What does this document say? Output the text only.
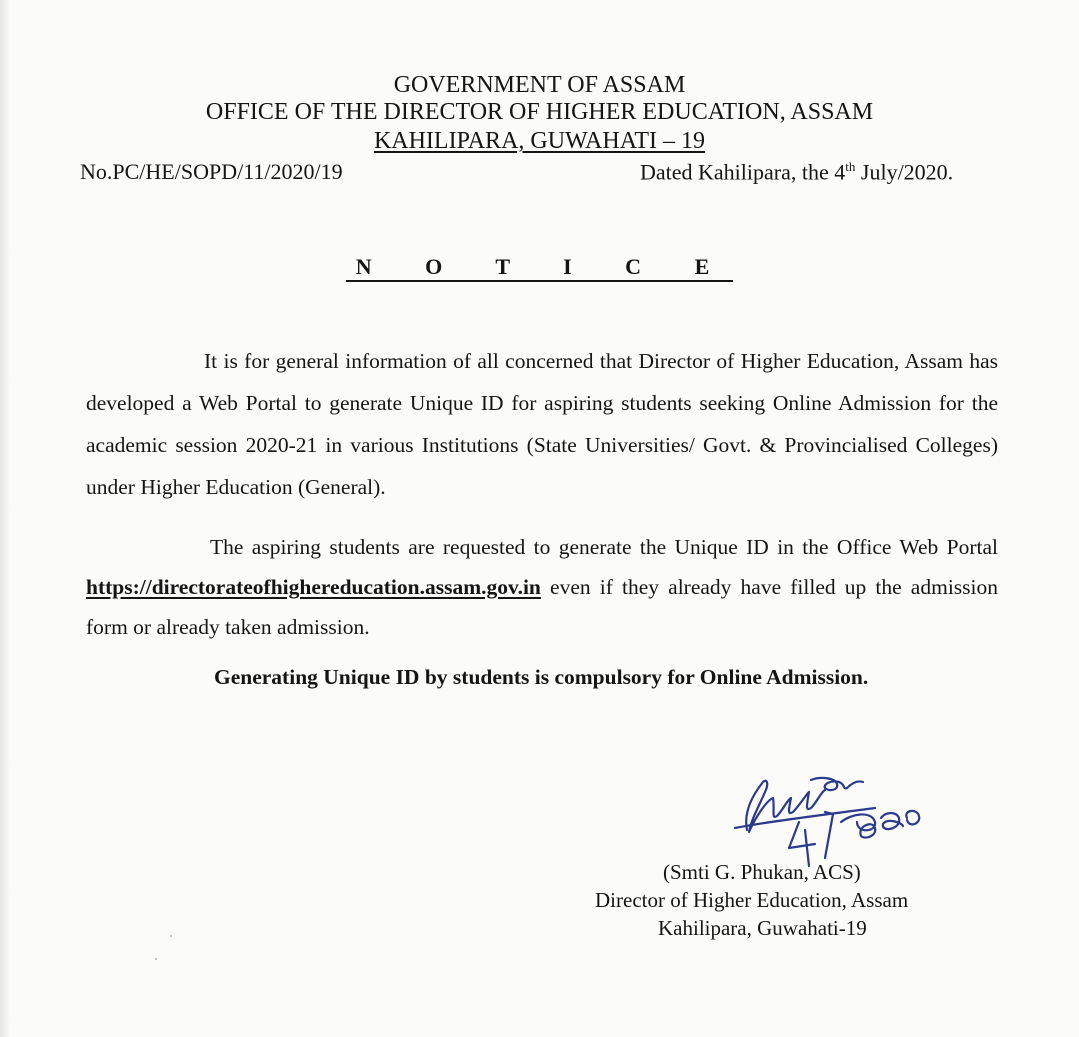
GOVERNMENT OF ASSAM
OFFICE OF THE DIRECTOR OF HIGHER EDUCATION, ASSAM
KAHILIPARA, GUWAHATI – 19
No.PC/HE/SOPD/11/2020/19	Dated Kahilipara, the 4th July/2020.
N O T I C E
It is for general information of all concerned that Director of Higher Education, Assam has developed a Web Portal to generate Unique ID for aspiring students seeking Online Admission for the academic session 2020-21 in various Institutions (State Universities/ Govt. & Provincialised Colleges) under Higher Education (General).
The aspiring students are requested to generate the Unique ID in the Office Web Portal https://directorateofhighereducation.assam.gov.in even if they already have filled up the admission form or already taken admission.
Generating Unique ID by students is compulsory for Online Admission.
(Smti G. Phukan, ACS)
Director of Higher Education, Assam
Kahilipara, Guwahati-19
